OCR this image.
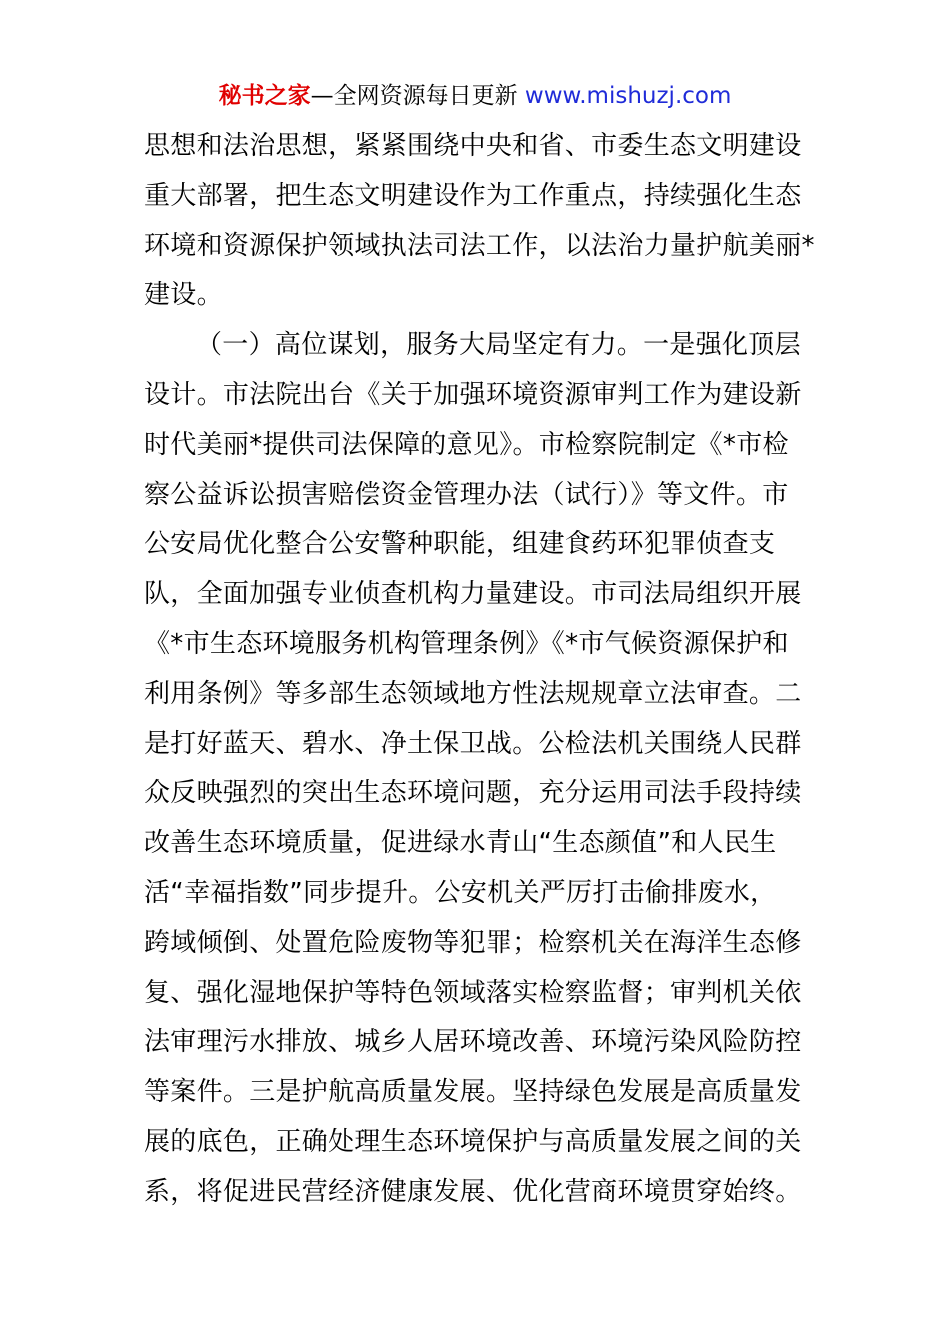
秘书之家—全网资源每日更新 www.mishuzj.com
思想和法治思想，紧紧围绕中央和省、市委生态文明建设
重大部署，把生态文明建设作为工作重点，持续强化生态
环境和资源保护领域执法司法工作，以法治力量护航美丽*
建设。
（一）高位谋划，服务大局坚定有力。一是强化顶层
设计。市法院出台《关于加强环境资源审判工作为建设新
时代美丽*提供司法保障的意见》。市检察院制定《*市检
察公益诉讼损害赔偿资金管理办法（试行）》等文件。市
公安局优化整合公安警种职能，组建食药环犯罪侦查支
队，全面加强专业侦查机构力量建设。市司法局组织开展
《*市生态环境服务机构管理条例》《*市气候资源保护和
利用条例》等多部生态领域地方性法规规章立法审查。二
是打好蓝天、碧水、净土保卫战。公检法机关围绕人民群
众反映强烈的突出生态环境问题，充分运用司法手段持续
改善生态环境质量，促进绿水青山“生态颜值”和人民生
活“幸福指数”同步提升。公安机关严厉打击偷排废水，
跨域倾倒、处置危险废物等犯罪；检察机关在海洋生态修
复、强化湿地保护等特色领域落实检察监督；审判机关依
法审理污水排放、城乡人居环境改善、环境污染风险防控
等案件。三是护航高质量发展。坚持绿色发展是高质量发
展的底色，正确处理生态环境保护与高质量发展之间的关
系，将促进民营经济健康发展、优化营商环境贯穿始终。
